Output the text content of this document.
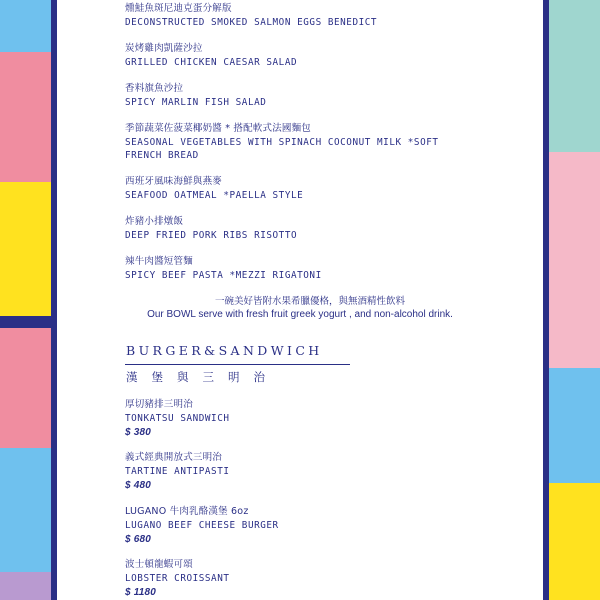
燻鮭魚斑尼迪克蛋分解版
DECONSTRUCTED SMOKED SALMON EGGS BENEDICT
炭烤雞肉凱薩沙拉
GRILLED CHICKEN CAESAR SALAD
香料旗魚沙拉
SPICY MARLIN FISH SALAD
季節蔬菜佐菠菜椰奶醬 * 搭配軟式法國麵包
SEASONAL VEGETABLES WITH SPINACH COCONUT MILK *SOFT
FRENCH BREAD
西班牙風味海鮮與燕麥
SEAFOOD OATMEAL *PAELLA STYLE
炸豬小排燉飯
DEEP FRIED PORK RIBS RISOTTO
辣牛肉醬短管麵
SPICY BEEF PASTA *MEZZI RIGATONI
一碗美好皆附水果希臘優格，與無酒精性飲料
Our BOWL serve with fresh fruit greek yogurt , and non-alcohol drink.
BURGER&SANDWICH
漢堡與三明治
厚切豬排三明治
TONKATSU SANDWICH
$ 380
義式經典開放式三明治
TARTINE ANTIPASTI
$ 480
LUGANO 牛肉乳酪漢堡 6oz
LUGANO BEEF CHEESE BURGER
$ 680
波士頓龍蝦可頌
LOBSTER CROISSANT
$ 1180
